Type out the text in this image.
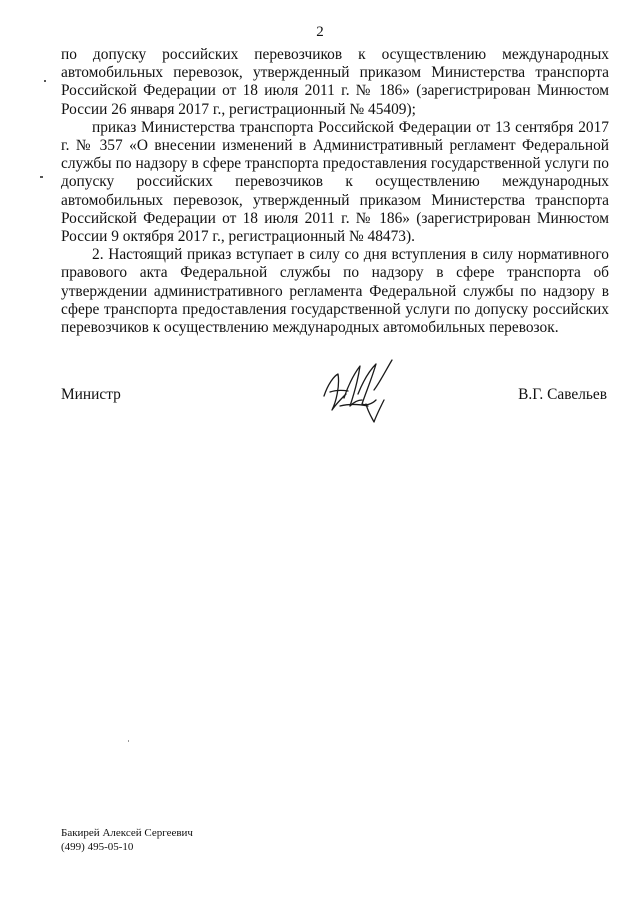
2

по допуску российских перевозчиков к осуществлению международных автомобильных перевозок, утвержденный приказом Министерства транспорта Российской Федерации от 18 июля 2011 г. № 186» (зарегистрирован Минюстом России 26 января 2017 г., регистрационный № 45409);

приказ Министерства транспорта Российской Федерации от 13 сентября 2017 г. № 357 «О внесении изменений в Административный регламент Федеральной службы по надзору в сфере транспорта предоставления государственной услуги по допуску российских перевозчиков к осуществлению международных автомобильных перевозок, утвержденный приказом Министерства транспорта Российской Федерации от 18 июля 2011 г. № 186» (зарегистрирован Минюстом России 9 октября 2017 г., регистрационный № 48473).

2. Настоящий приказ вступает в силу со дня вступления в силу нормативного правового акта Федеральной службы по надзору в сфере транспорта об утверждении административного регламента Федеральной службы по надзору в сфере транспорта предоставления государственной услуги по допуску российских перевозчиков к осуществлению международных автомобильных перевозок.

Министр	В.Г. Савельев
Бакирей Алексей Сергеевич
(499) 495-05-10
